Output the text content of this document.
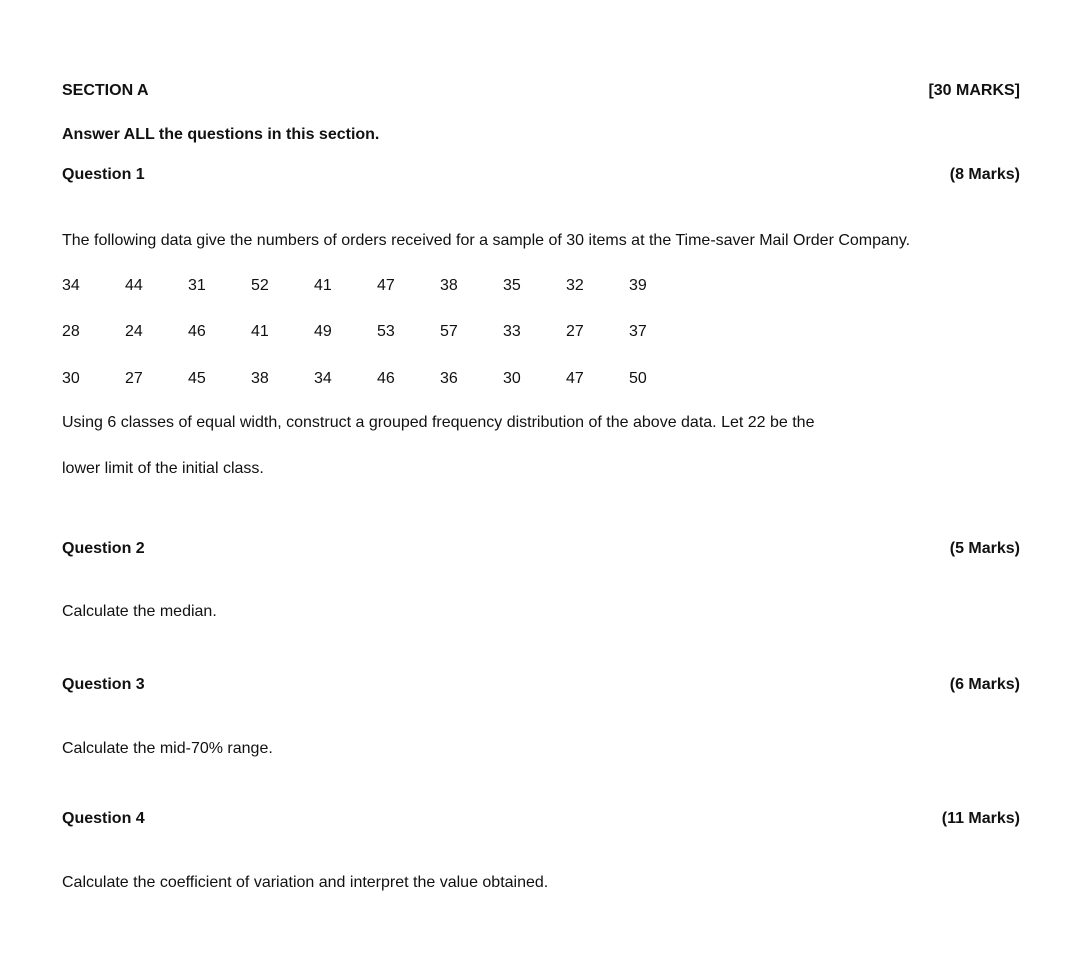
SECTION A	[30 MARKS]
Answer ALL the questions in this section.
Question 1	(8 Marks)
The following data give the numbers of orders received for a sample of 30 items at the Time-saver Mail Order Company.
34	44	31	52	41	47	38	35	32	39
28	24	46	41	49	53	57	33	27	37
30	27	45	38	34	46	36	30	47	50
Using 6 classes of equal width, construct a grouped frequency distribution of the above data. Let 22 be the
lower limit of the initial class.
Question 2	(5 Marks)
Calculate the median.
Question 3	(6 Marks)
Calculate the mid-70% range.
Question 4	(11 Marks)
Calculate the coefficient of variation and interpret the value obtained.
